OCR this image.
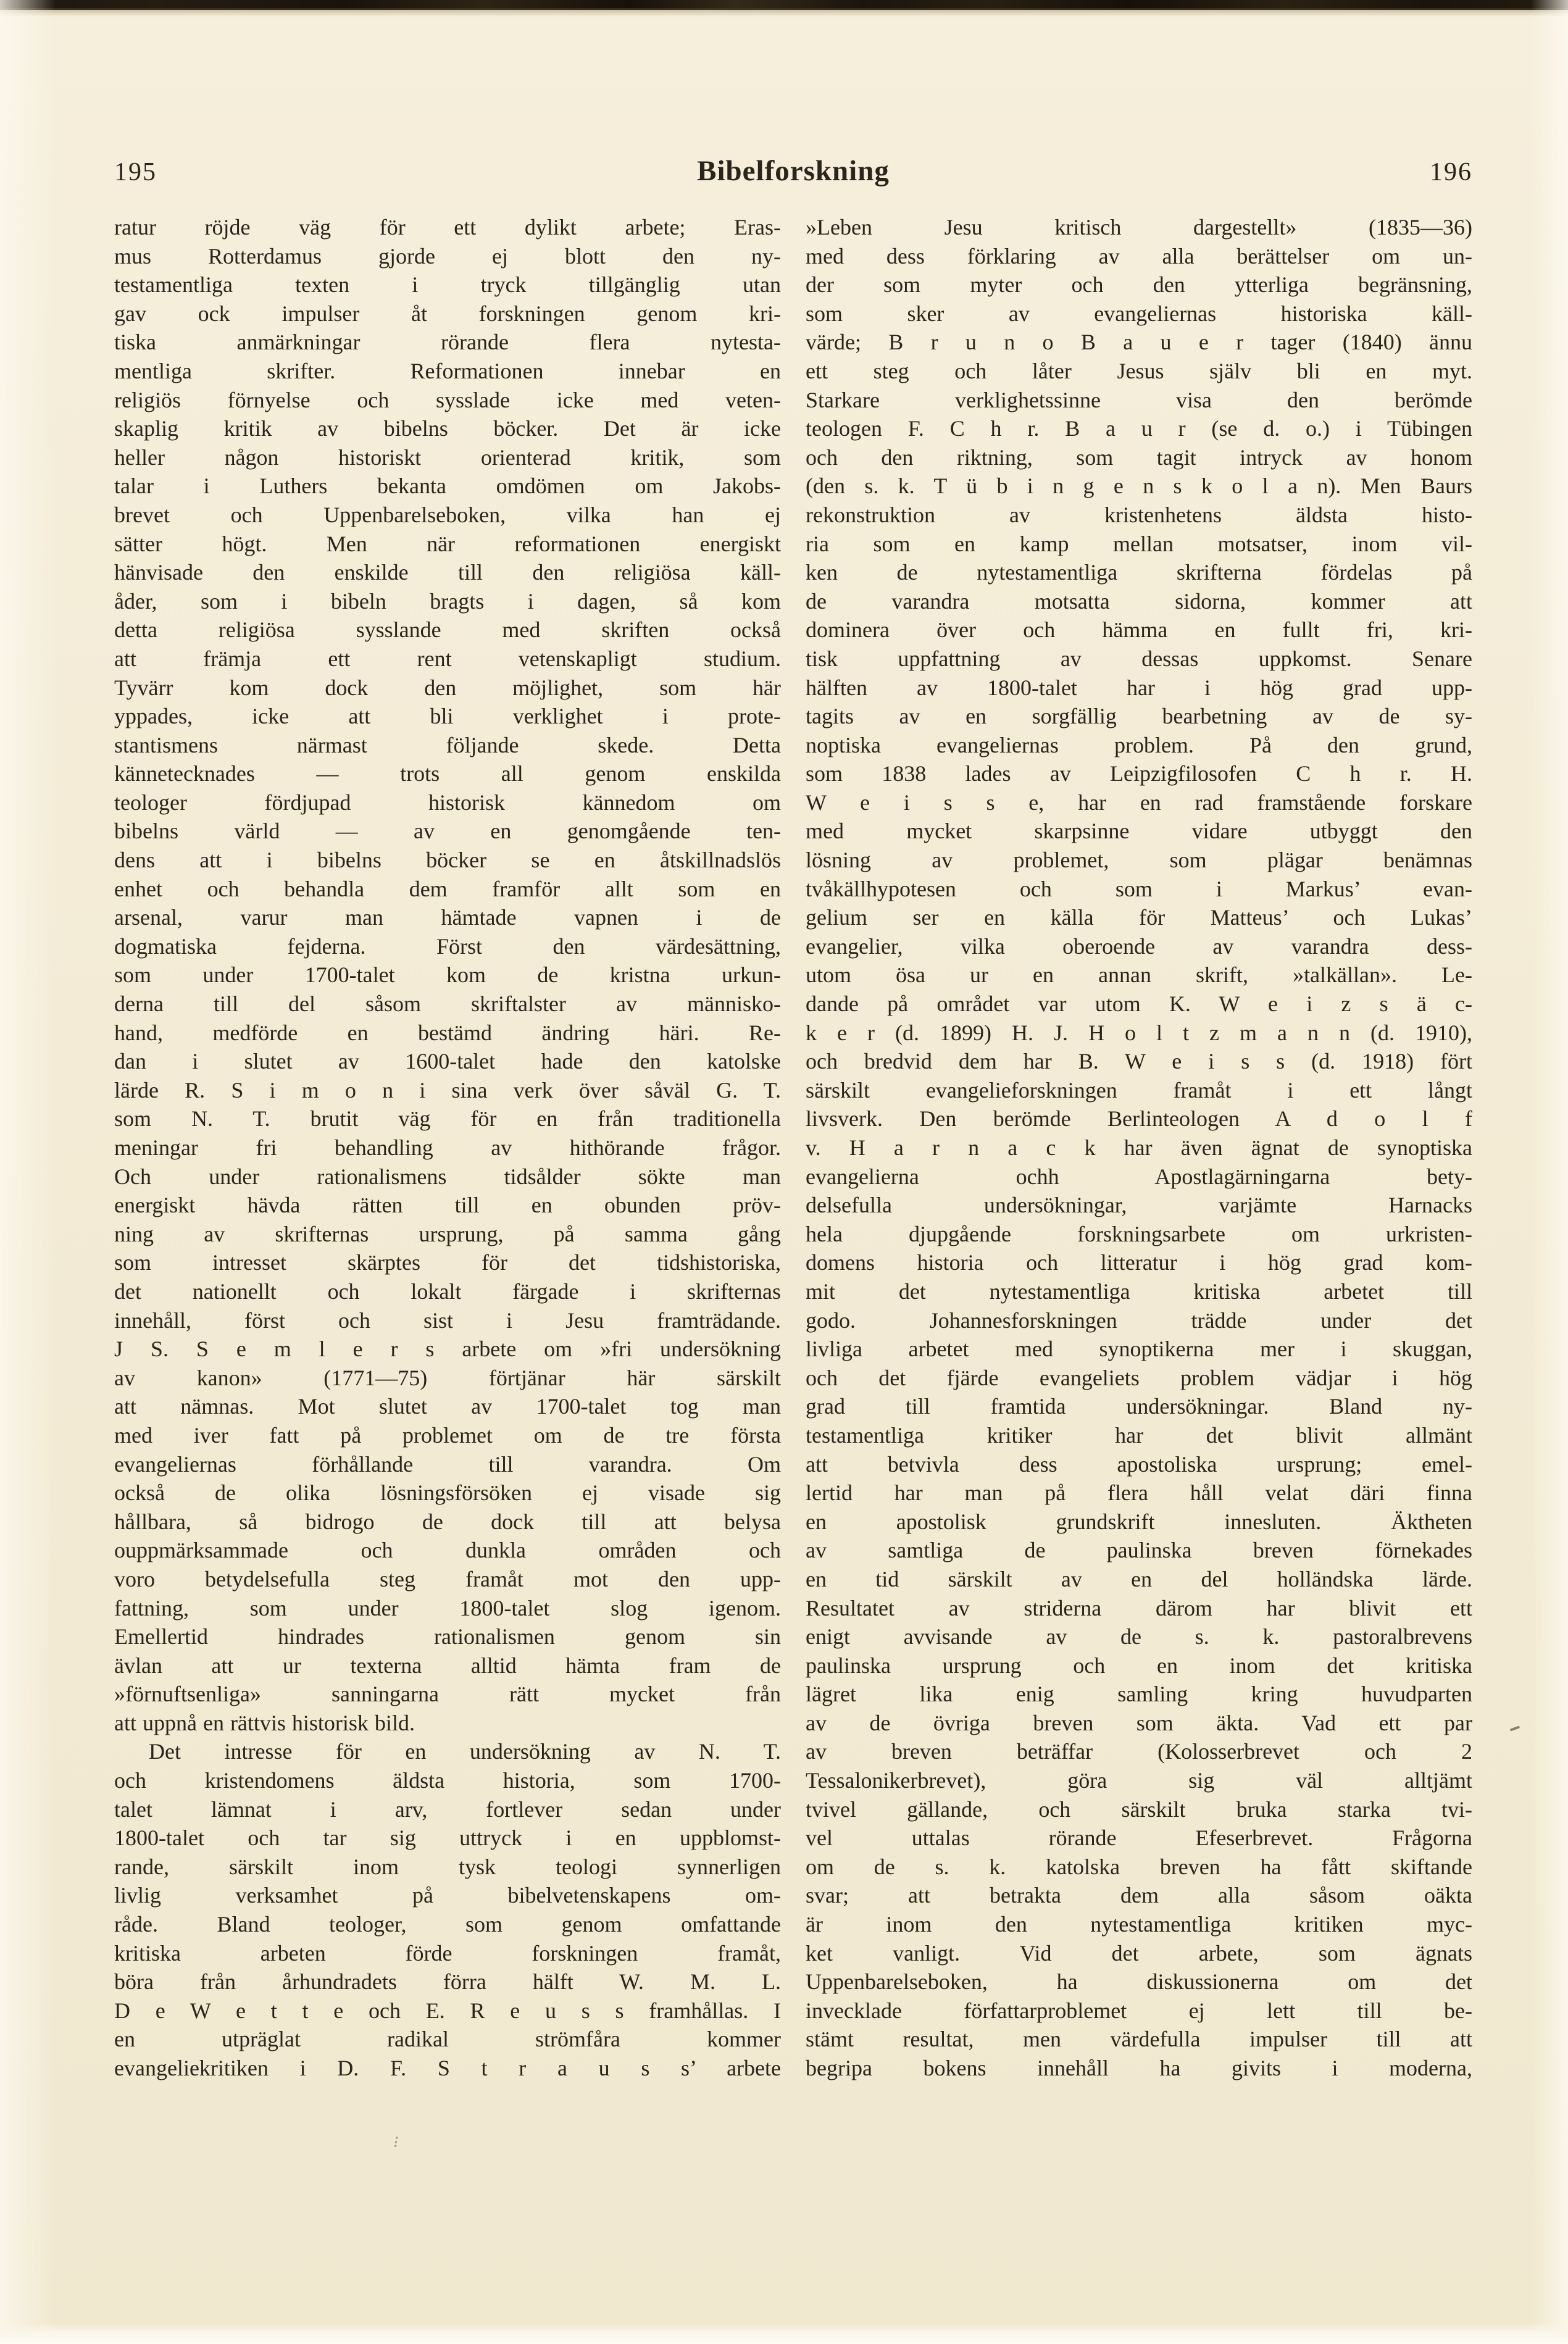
195	Bibelforskning	196
ratur röjde väg för ett dylikt arbete; Eras-
mus Rotterdamus gjorde ej blott den ny-
testamentliga texten i tryck tillgänglig utan
gav ock impulser åt forskningen genom kri-
tiska anmärkningar rörande flera nytesta-
mentliga skrifter. Reformationen innebar en
religiös förnyelse och sysslade icke med veten-
skaplig kritik av bibelns böcker. Det är icke
heller någon historiskt orienterad kritik, som
talar i Luthers bekanta omdömen om Jakobs-
brevet och Uppenbarelseboken, vilka han ej
sätter högt. Men när reformationen energiskt
hänvisade den enskilde till den religiösa käll-
åder, som i bibeln bragts i dagen, så kom
detta religiösa sysslande med skriften också
att främja ett rent vetenskapligt studium.
Tyvärr kom dock den möjlighet, som här
yppades, icke att bli verklighet i prote-
stantismens närmast följande skede. Detta
kännetecknades — trots all genom enskilda
teologer fördjupad historisk kännedom om
bibelns värld — av en genomgående ten-
dens att i bibelns böcker se en åtskillnadslös
enhet och behandla dem framför allt som en
arsenal, varur man hämtade vapnen i de
dogmatiska fejderna. Först den värdesättning,
som under 1700-talet kom de kristna urkun-
derna till del såsom skriftalster av människo-
hand, medförde en bestämd ändring häri. Re-
dan i slutet av 1600-talet hade den katolske
lärde R. S i m o n i sina verk över såväl G. T.
som N. T. brutit väg för en från traditionella
meningar fri behandling av hithörande frågor.
Och under rationalismens tidsålder sökte man
energiskt hävda rätten till en obunden pröv-
ning av skrifternas ursprung, på samma gång
som intresset skärptes för det tidshistoriska,
det nationellt och lokalt färgade i skrifternas
innehåll, först och sist i Jesu framträdande.
J S. S e m l e r s arbete om »fri undersökning
av kanon» (1771—75) förtjänar här särskilt
att nämnas. Mot slutet av 1700-talet tog man
med iver fatt på problemet om de tre första
evangeliernas förhållande till varandra. Om
också de olika lösningsförsöken ej visade sig
hållbara, så bidrogo de dock till att belysa
ouppmärksammade och dunkla områden och
voro betydelsefulla steg framåt mot den upp-
fattning, som under 1800-talet slog igenom.
Emellertid hindrades rationalismen genom sin
ävlan att ur texterna alltid hämta fram de
»förnuftsenliga» sanningarna rätt mycket från
att uppnå en rättvis historisk bild.
Det intresse för en undersökning av N. T.
och kristendomens äldsta historia, som 1700-
talet lämnat i arv, fortlever sedan under
1800-talet och tar sig uttryck i en uppblomst-
rande, särskilt inom tysk teologi synnerligen
livlig verksamhet på bibelvetenskapens om-
råde. Bland teologer, som genom omfattande
kritiska arbeten förde forskningen framåt,
böra från århundradets förra hälft W. M. L.
D e W e t t e och E. R e u s s framhållas. I
en utpräglat radikal strömfåra kommer
evangeliekritiken i D. F. S t r a u s s’ arbete
»Leben Jesu kritisch dargestellt» (1835—36)
med dess förklaring av alla berättelser om un-
der som myter och den ytterliga begränsning,
som sker av evangeliernas historiska käll-
värde; B r u n o B a u e r tager (1840) ännu
ett steg och låter Jesus själv bli en myt.
Starkare verklighetssinne visa den berömde
teologen F. C h r. B a u r (se d. o.) i Tübingen
och den riktning, som tagit intryck av honom
(den s. k. T ü b i n g e n s k o l a n). Men Baurs
rekonstruktion av kristenhetens äldsta histo-
ria som en kamp mellan motsatser, inom vil-
ken de nytestamentliga skrifterna fördelas på
de varandra motsatta sidorna, kommer att
dominera över och hämma en fullt fri, kri-
tisk uppfattning av dessas uppkomst. Senare
hälften av 1800-talet har i hög grad upp-
tagits av en sorgfällig bearbetning av de sy-
noptiska evangeliernas problem. På den grund,
som 1838 lades av Leipzigfilosofen C h r. H.
W e i s s e, har en rad framstående forskare
med mycket skarpsinne vidare utbyggt den
lösning av problemet, som plägar benämnas
tvåkällhypotesen och som i Markus’ evan-
gelium ser en källa för Matteus’ och Lukas’
evangelier, vilka oberoende av varandra dess-
utom ösa ur en annan skrift, »talkällan». Le-
dande på området var utom K. W e i z s ä c-
k e r (d. 1899) H. J. H o l t z m a n n (d. 1910),
och bredvid dem har B. W e i s s (d. 1918) fört
särskilt evangelieforskningen framåt i ett långt
livsverk. Den berömde Berlinteologen A d o l f
v. H a r n a c k har även ägnat de synoptiska
evangelierna ochh Apostlagärningarna bety-
delsefulla undersökningar, varjämte Harnacks
hela djupgående forskningsarbete om urkristen-
domens historia och litteratur i hög grad kom-
mit det nytestamentliga kritiska arbetet till
godo. Johannesforskningen trädde under det
livliga arbetet med synoptikerna mer i skuggan,
och det fjärde evangeliets problem vädjar i hög
grad till framtida undersökningar. Bland ny-
testamentliga kritiker har det blivit allmänt
att betvivla dess apostoliska ursprung; emel-
lertid har man på flera håll velat däri finna
en apostolisk grundskrift innesluten. Äktheten
av samtliga de paulinska breven förnekades
en tid särskilt av en del holländska lärde.
Resultatet av striderna därom har blivit ett
enigt avvisande av de s. k. pastoralbrevens
paulinska ursprung och en inom det kritiska
lägret lika enig samling kring huvudparten
av de övriga breven som äkta. Vad ett par
av breven beträffar (Kolosserbrevet och 2
Tessalonikerbrevet), göra sig väl alltjämt
tvivel gällande, och särskilt bruka starka tvi-
vel uttalas rörande Efeserbrevet. Frågorna
om de s. k. katolska breven ha fått skiftande
svar; att betrakta dem alla såsom oäkta
är inom den nytestamentliga kritiken myc-
ket vanligt. Vid det arbete, som ägnats
Uppenbarelseboken, ha diskussionerna om det
invecklade författarproblemet ej lett till be-
stämt resultat, men värdefulla impulser till att
begripa bokens innehåll ha givits i moderna,
